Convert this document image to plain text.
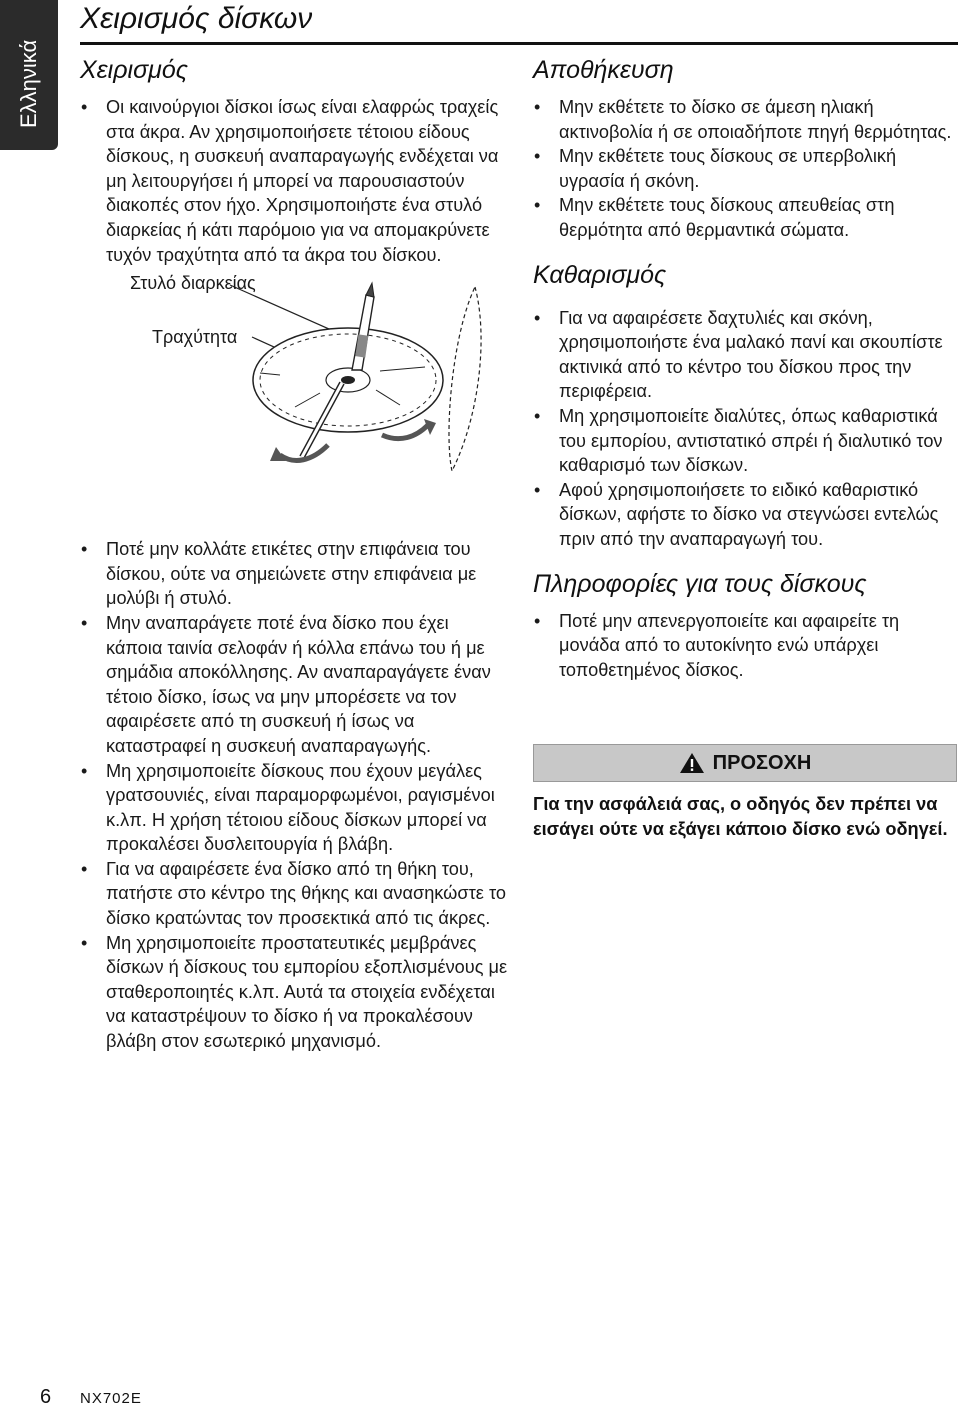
Ελληνικά
Χειρισμός δίσκων
Χειρισμός
• Οι καινούργιοι δίσκοι ίσως είναι ελαφρώς τραχείς στα άκρα. Αν χρησιμοποιήσετε τέτοιου είδους δίσκους, η συσκευή αναπαραγωγής ενδέχεται να μη λειτουργήσει ή μπορεί να παρουσιαστούν διακοπές στον ήχο. Χρησιμοποιήστε ένα στυλό διαρκείας ή κάτι παρόμοιο για να απομακρύνετε τυχόν τραχύτητα από τα άκρα του δίσκου.
Στυλό διαρκείας
Τραχύτητα
• Ποτέ μην κολλάτε ετικέτες στην επιφάνεια του δίσκου, ούτε να σημειώνετε στην επιφάνεια με μολύβι ή στυλό.
• Μην αναπαράγετε ποτέ ένα δίσκο που έχει κάποια ταινία σελοφάν ή κόλλα επάνω του ή με σημάδια αποκόλλησης. Αν αναπαραγάγετε έναν τέτοιο δίσκο, ίσως να μην μπορέσετε να τον αφαιρέσετε από τη συσκευή ή ίσως να καταστραφεί η συσκευή αναπαραγωγής.
• Μη χρησιμοποιείτε δίσκους που έχουν μεγάλες γρατσουνιές, είναι παραμορφωμένοι, ραγισμένοι κ.λπ. Η χρήση τέτοιου είδους δίσκων μπορεί να προκαλέσει δυσλειτουργία ή βλάβη.
• Για να αφαιρέσετε ένα δίσκο από τη θήκη του, πατήστε στο κέντρο της θήκης και ανασηκώστε το δίσκο κρατώντας τον προσεκτικά από τις άκρες.
• Μη χρησιμοποιείτε προστατευτικές μεμβράνες δίσκων ή δίσκους του εμπορίου εξοπλισμένους με σταθεροποιητές κ.λπ. Αυτά τα στοιχεία ενδέχεται να καταστρέψουν το δίσκο ή να προκαλέσουν βλάβη στον εσωτερικό μηχανισμό.
Αποθήκευση
• Μην εκθέτετε το δίσκο σε άμεση ηλιακή ακτινοβολία ή σε οποιαδήποτε πηγή θερμότητας.
• Μην εκθέτετε τους δίσκους σε υπερβολική υγρασία ή σκόνη.
• Μην εκθέτετε τους δίσκους απευθείας στη θερμότητα από θερμαντικά σώματα.
Καθαρισμός
• Για να αφαιρέσετε δαχτυλιές και σκόνη, χρησιμοποιήστε ένα μαλακό πανί και σκουπίστε ακτινικά από το κέντρο του δίσκου προς την περιφέρεια.
• Μη χρησιμοποιείτε διαλύτες, όπως καθαριστικά του εμπορίου, αντιστατικό σπρέι ή διαλυτικό τον καθαρισμό των δίσκων.
• Αφού χρησιμοποιήσετε το ειδικό καθαριστικό δίσκων, αφήστε το δίσκο να στεγνώσει εντελώς πριν από την αναπαραγωγή του.
Πληροφορίες για τους δίσκους
• Ποτέ μην απενεργοποιείτε και αφαιρείτε τη μονάδα από το αυτοκίνητο ενώ υπάρχει τοποθετημένος δίσκος.
ΠΡΟΣΟΧΗ
Για την ασφάλειά σας, ο οδηγός δεν πρέπει να εισάγει ούτε να εξάγει κάποιο δίσκο ενώ οδηγεί.
6 NX702E
